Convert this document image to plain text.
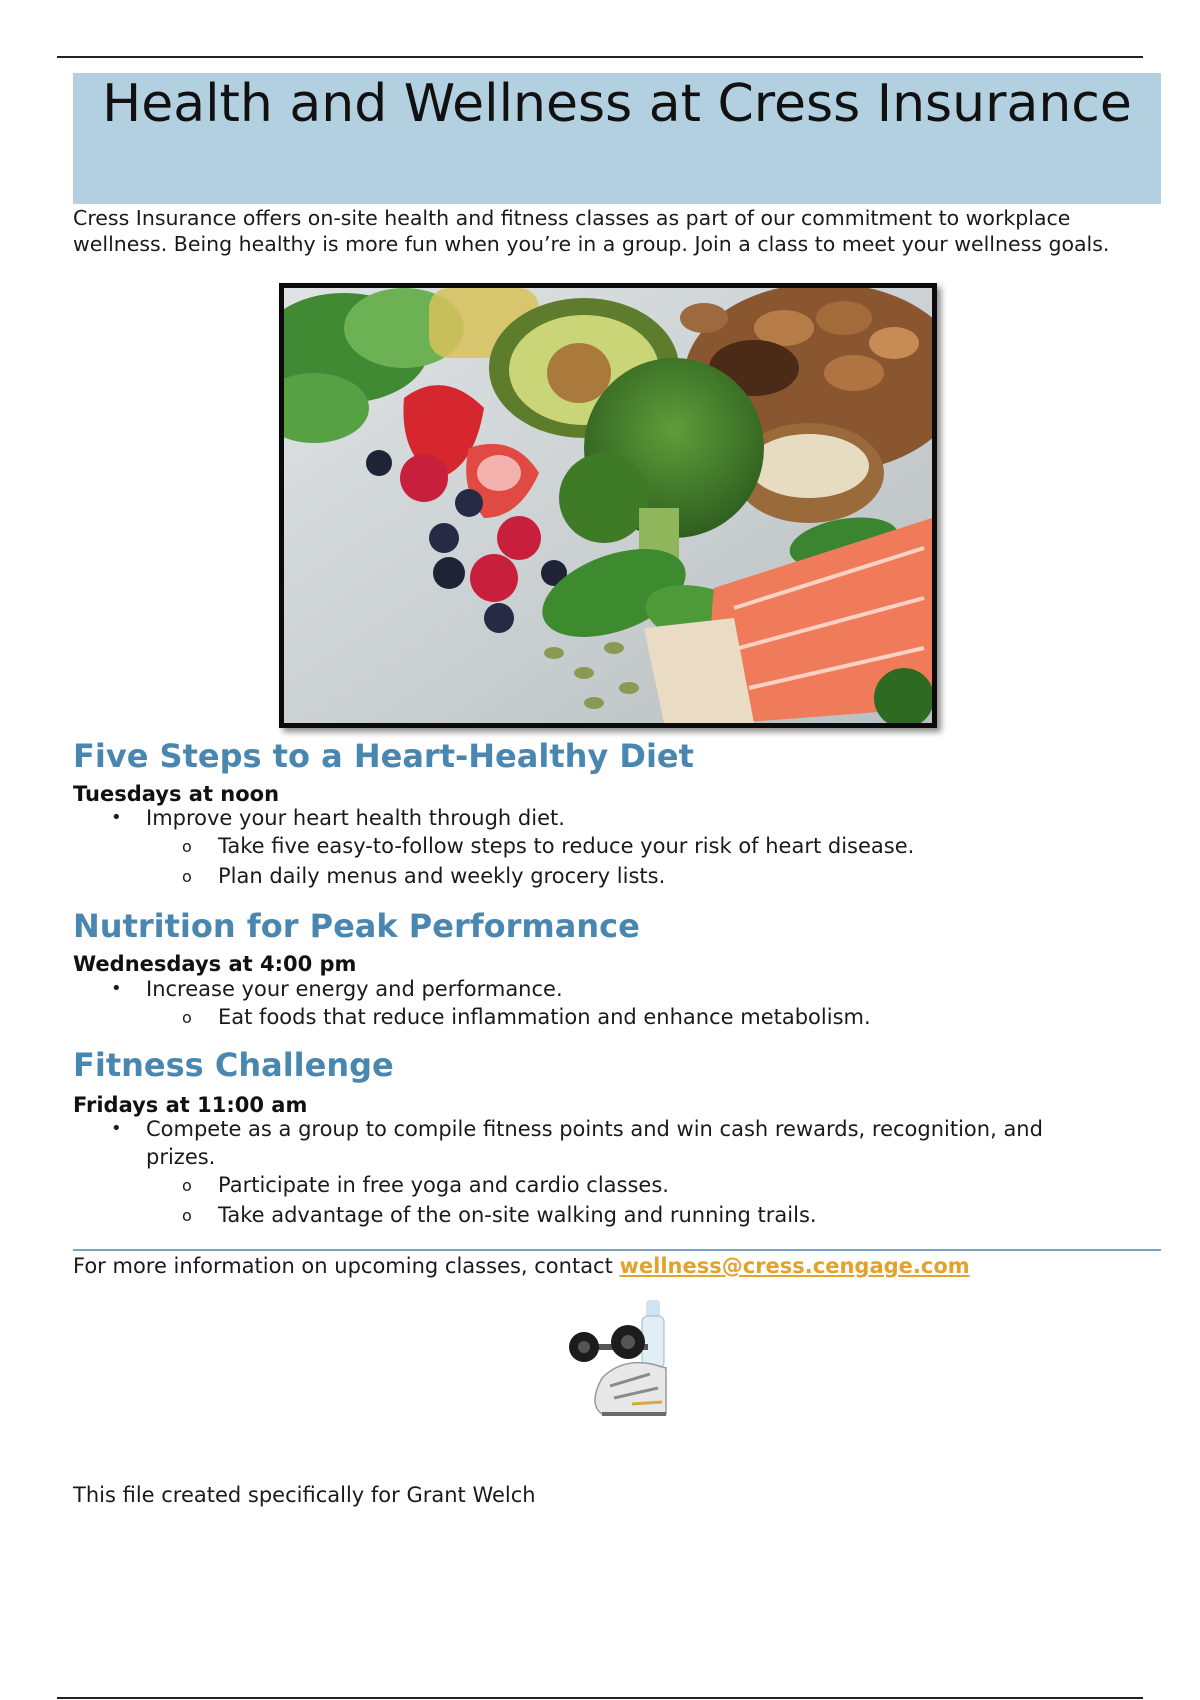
Health and Wellness at Cress Insurance
Cress Insurance offers on-site health and fitness classes as part of our commitment to workplace wellness. Being healthy is more fun when you’re in a group. Join a class to meet your wellness goals.
Five Steps to a Heart-Healthy Diet
Tuesdays at noon
• Improve your heart health through diet.
o Take five easy-to-follow steps to reduce your risk of heart disease.
o Plan daily menus and weekly grocery lists.
Nutrition for Peak Performance
Wednesdays at 4:00 pm
• Increase your energy and performance.
o Eat foods that reduce inflammation and enhance metabolism.
Fitness Challenge
Fridays at 11:00 am
• Compete as a group to compile fitness points and win cash rewards, recognition, and prizes.
o Participate in free yoga and cardio classes.
o Take advantage of the on-site walking and running trails.
For more information on upcoming classes, contact wellness@cress.cengage.com
This file created specifically for Grant Welch
